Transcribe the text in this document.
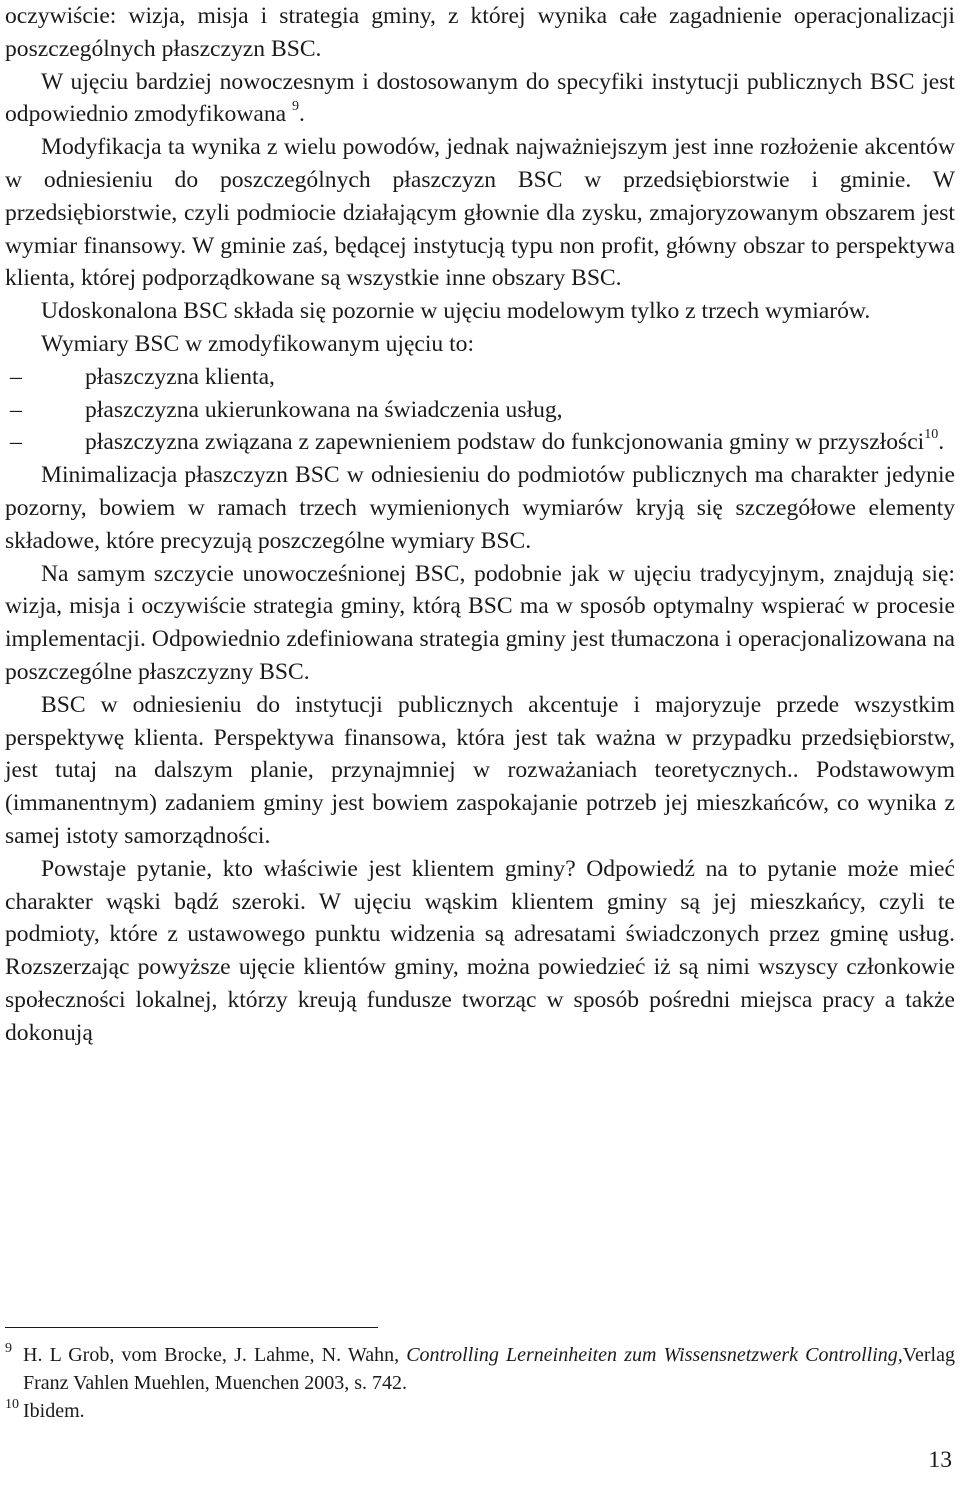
oczywiście: wizja, misja i strategia gminy, z której wynika całe zagadnienie operacjonalizacji poszczególnych płaszczyzn BSC.

W ujęciu bardziej nowoczesnym i dostosowanym do specyfiki instytucji publicznych BSC jest odpowiednio zmodyfikowana $^9$.

Modyfikacja ta wynika z wielu powodów, jednak najważniejszym jest inne rozłożenie akcentów w odniesieniu do poszczególnych płaszczyzn BSC w przedsiębiorstwie i gminie. W przedsiębiorstwie, czyli podmiocie działającym głownie dla zysku, zmajoryzowanym obszarem jest wymiar finansowy. W gminie zaś, będącej instytucją typu non profit, główny obszar to perspektywa klienta, której podporządkowane są wszystkie inne obszary BSC.

Udoskonalona BSC składa się pozornie w ujęciu modelowym tylko z trzech wymiarów.

Wymiary BSC w zmodyfikowanym ujęciu to:

–	płaszczyzna klienta,
–	płaszczyzna ukierunkowana na świadczenia usług,
–	płaszczyzna związana z zapewnieniem podstaw do funkcjonowania gminy w przyszłości$^{10}$.

Minimalizacja płaszczyzn BSC w odniesieniu do podmiotów publicznych ma charakter jedynie pozorny, bowiem w ramach trzech wymienionych wymiarów kryją się szczegółowe elementy składowe, które precyzują poszczególne wymiary BSC.

Na samym szczycie unowocześnionej BSC, podobnie jak w ujęciu tradycyjnym, znajdują się: wizja, misja i oczywiście strategia gminy, którą BSC ma w sposób optymalny wspierać w procesie implementacji. Odpowiednio zdefiniowana strategia gminy jest tłumaczona i operacjonalizowana na poszczególne płaszczyzny BSC.

BSC w odniesieniu do instytucji publicznych akcentuje i majoryzuje przede wszystkim perspektywę klienta. Perspektywa finansowa, która jest tak ważna w przypadku przedsiębiorstw, jest tutaj na dalszym planie, przynajmniej w rozważaniach teoretycznych.. Podstawowym (immanentnym) zadaniem gminy jest bowiem zaspokajanie potrzeb jej mieszkańców, co wynika z samej istoty samorządności.

Powstaje pytanie, kto właściwie jest klientem gminy? Odpowiedź na to pytanie może mieć charakter wąski bądź szeroki. W ujęciu wąskim klientem gminy są jej mieszkańcy, czyli te podmioty, które z ustawowego punktu widzenia są adresatami świadczonych przez gminę usług. Rozszerzając powyższe ujęcie klientów gminy, można powiedzieć iż są nimi wszyscy członkowie społeczności lokalnej, którzy kreują fundusze tworząc w sposób pośredni miejsca pracy a także dokonują

9 H. L Grob, vom Brocke, J. Lahme, N. Wahn, Controlling Lerneinheiten zum Wissensnetzwerk Controlling,Verlag Franz Vahlen Muehlen, Muenchen 2003, s. 742.

10 Ibidem.

13
